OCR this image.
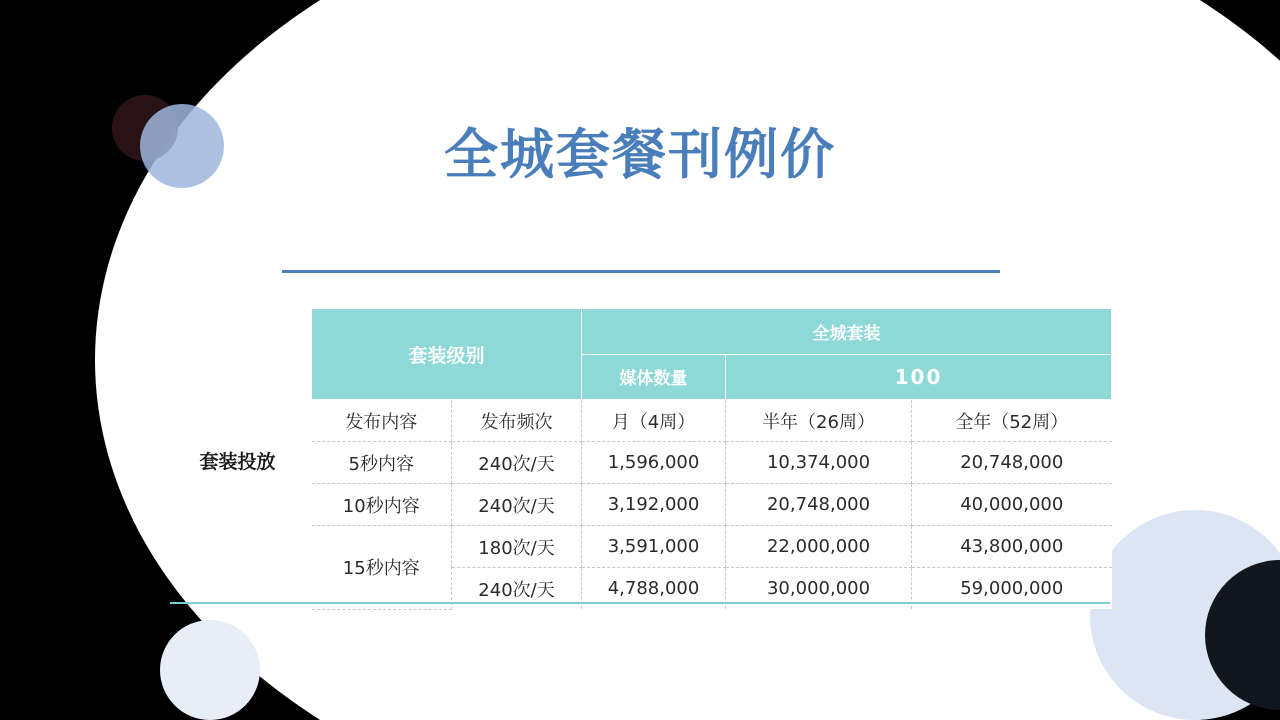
全城套餐刊例价
套装投放
套装级别		全城套装		
		媒体数量	100	
发布内容	发布频次	月（4周）	半年（26周）	全年（52周）
5秒内容	240次/天	1,596,000	10,374,000	20,748,000
10秒内容	240次/天	3,192,000	20,748,000	40,000,000
15秒内容	180次/天	3,591,000	22,000,000	43,800,000
	240次/天	4,788,000	30,000,000	59,000,000
